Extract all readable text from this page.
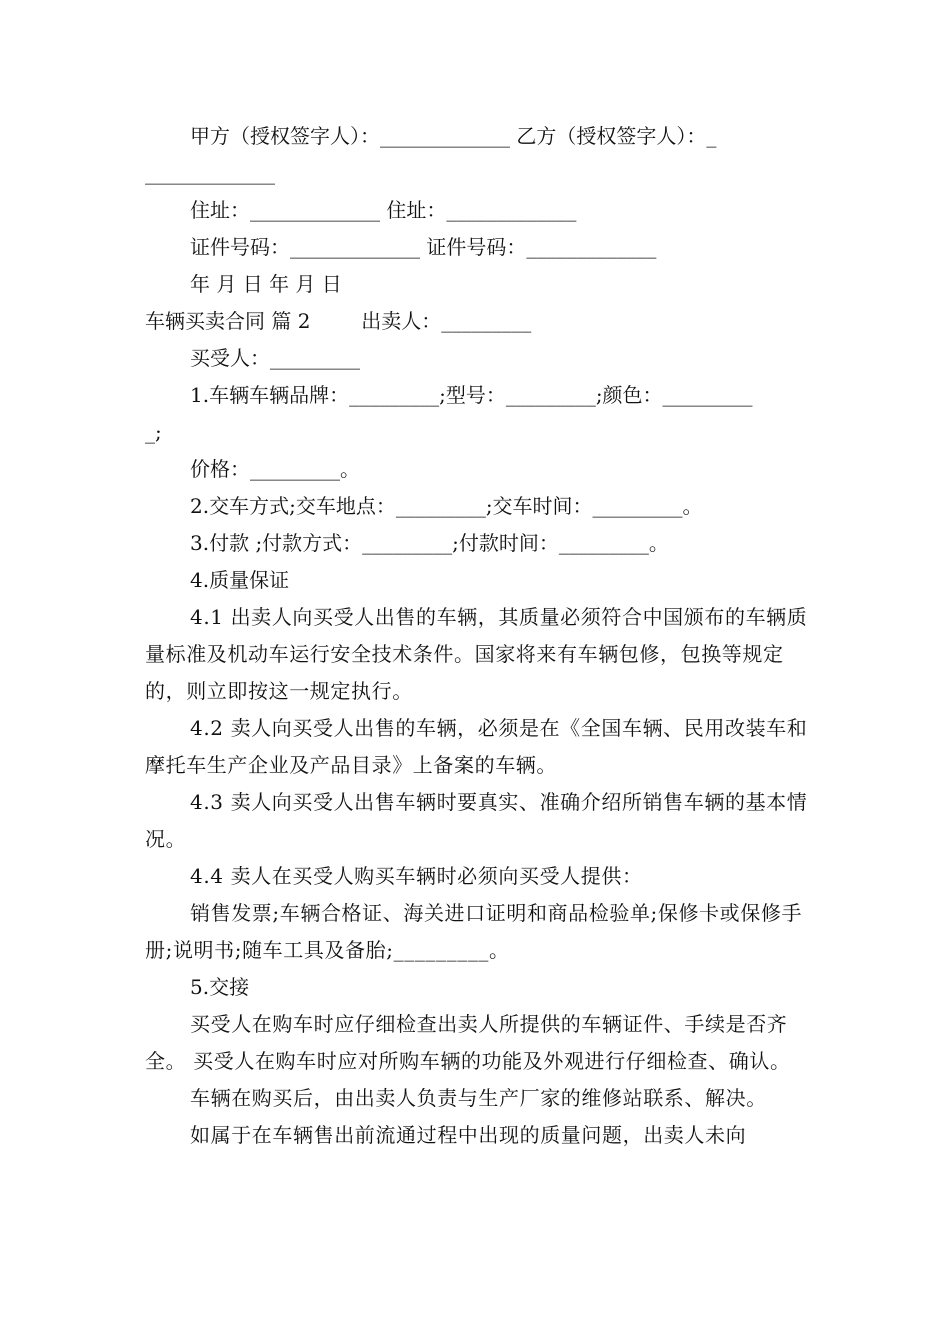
甲方（授权签字人）：_____________ 乙方（授权签字人）：_
_____________
住址：_____________ 住址：_____________
证件号码：_____________ 证件号码：_____________
年 月 日 年 月 日
车辆买卖合同 篇 2        出卖人：_________
买受人：_________
1.车辆车辆品牌：_________;型号：_________;颜色：_________
_;
价格：_________。
2.交车方式;交车地点：_________;交车时间：_________。
3.付款 ;付款方式：_________;付款时间：_________。
4.质量保证
4.1 出卖人向买受人出售的车辆，其质量必须符合中国颁布的车辆质量标准及机动车运行安全技术条件。国家将来有车辆包修，包换等规定的，则立即按这一规定执行。
4.2 卖人向买受人出售的车辆，必须是在《全国车辆、民用改装车和摩托车生产企业及产品目录》上备案的车辆。
4.3 卖人向买受人出售车辆时要真实、准确介绍所销售车辆的基本情况。
4.4 卖人在买受人购买车辆时必须向买受人提供：
销售发票;车辆合格证、海关进口证明和商品检验单;保修卡或保修手册;说明书;随车工具及备胎;_________。
5.交接
买受人在购车时应仔细检查出卖人所提供的车辆证件、手续是否齐全。 买受人在购车时应对所购车辆的功能及外观进行仔细检查、确认。
车辆在购买后，由出卖人负责与生产厂家的维修站联系、解决。
如属于在车辆售出前流通过程中出现的质量问题，出卖人未向
